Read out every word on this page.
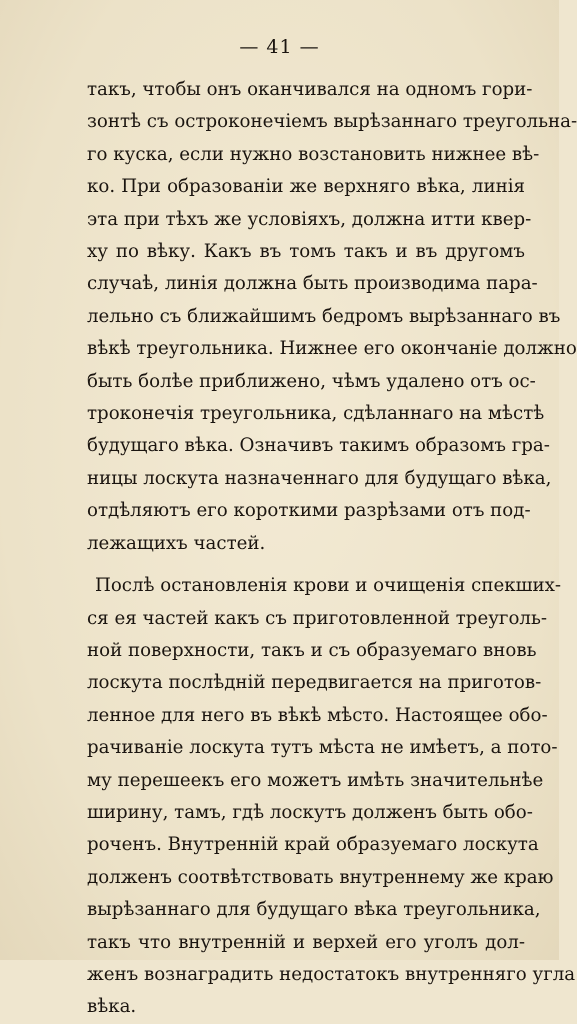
— 41 —
такъ, чтобы онъ оканчивался на одномъ гори-
зонтѣ съ остроконечіемъ вырѣзаннаго треугольна-
го куска, если нужно возстановить нижнее вѣ-
ко. При образованіи же верхняго вѣка, линія
эта при тѣхъ же условіяхъ, должна итти квер-
ху по вѣку. Какъ въ томъ такъ и въ другомъ
случаѣ, линія должна быть производима пара-
лельно съ ближайшимъ бедромъ вырѣзаннаго въ
вѣкѣ треугольника. Нижнее его окончаніе должно
быть болѣе приближено, чѣмъ удалено отъ ос-
троконечія треугольника, сдѣланнаго на мѣстѣ
будущаго вѣка. Означивъ такимъ образомъ гра-
ницы лоскута назначеннаго для будущаго вѣка,
отдѣляютъ его короткими разрѣзами отъ под-
лежащихъ частей.
Послѣ остановленія крови и очищенія спекших-
ся ея частей какъ съ приготовленной треуголь-
ной поверхности, такъ и съ образуемаго вновь
лоскута послѣдній передвигается на приготов-
ленное для него въ вѣкѣ мѣсто. Настоящее обо-
рачиваніе лоскута тутъ мѣста не имѣетъ, а пото-
му перешеекъ его можетъ имѣть значительнѣе
ширину, тамъ, гдѣ лоскутъ долженъ быть обо-
роченъ. Внутренній край образуемаго лоскута
долженъ соотвѣтствовать внутреннему же краю
вырѣзаннаго для будущаго вѣка треугольника,
такъ что внутренній и верхей его уголъ дол-
женъ вознаградить недостатокъ внутренняго угла
вѣка.
